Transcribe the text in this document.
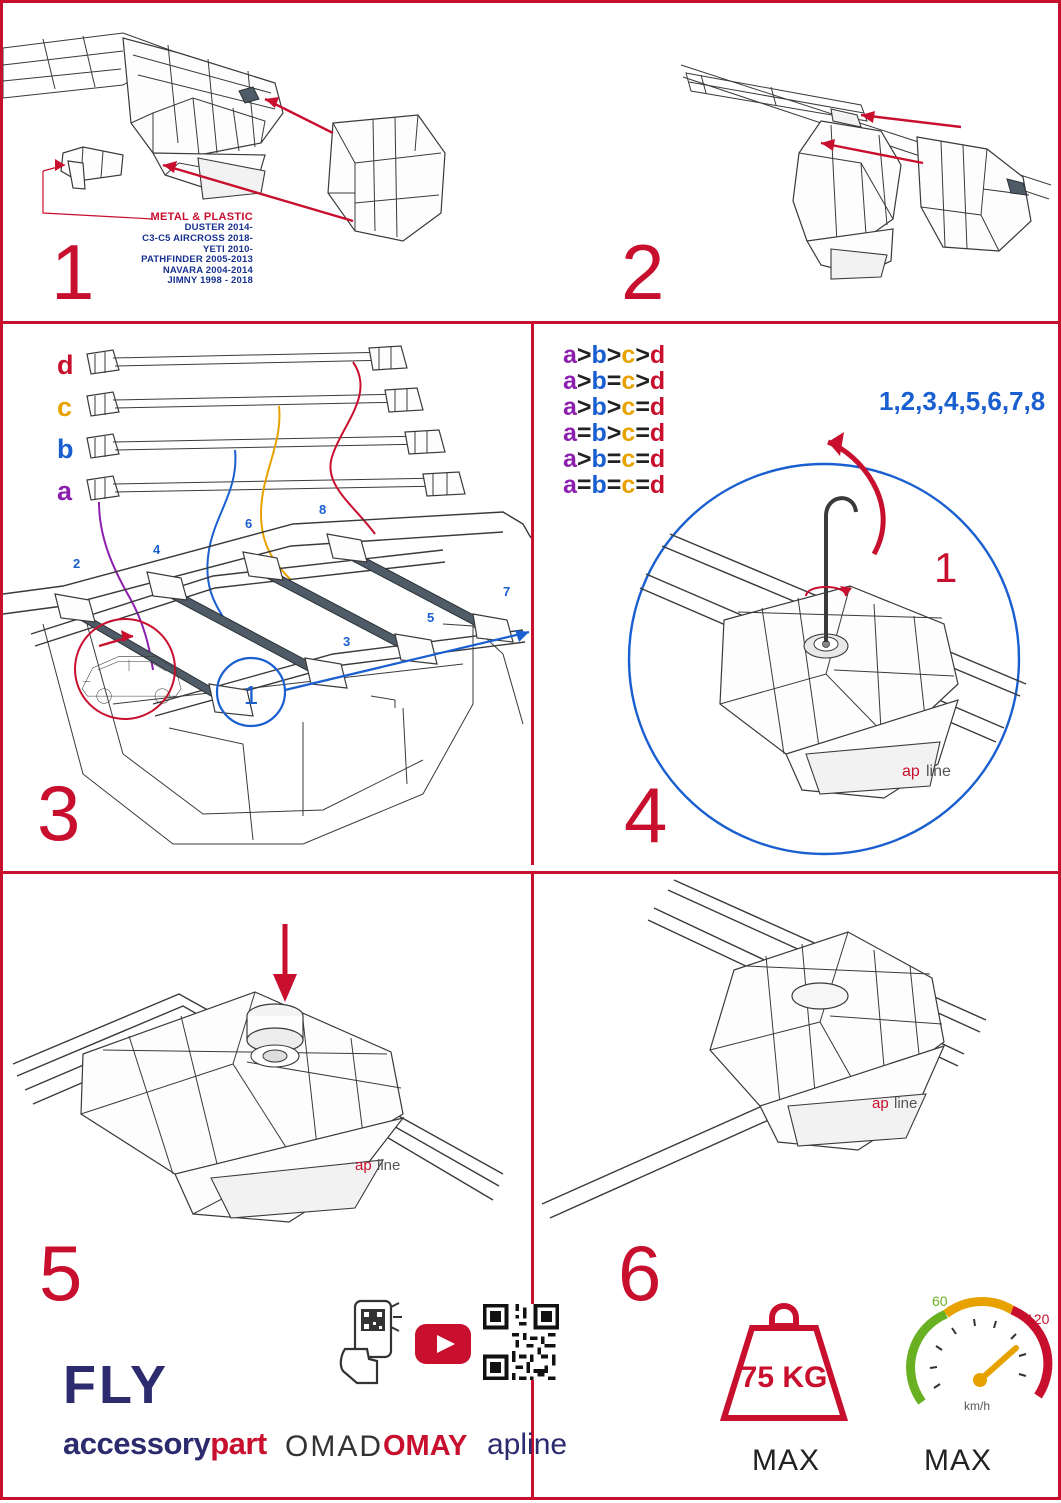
METAL & PLASTIC
DUSTER 2014-
C3-C5 AIRCROSS 2018-
YETI 2010-
PATHFINDER 2005-2013
NAVARA 2004-2014
JIMNY 1998 - 2018
1	2
1
d
c
b
a
2
3
4
5
6
7
8
3
a>b>c>d
a>b=c>d
a>b>c=d
a=b>c=d
a>b=c=d
a=b=c=d
ap line
1,2,3,4,5,6,7,8
1
4
ap line
5
FLY
accessorypart OMAD OMAY apline
ap line
6
75 KG
MAX
60
120
km/h
MAX
